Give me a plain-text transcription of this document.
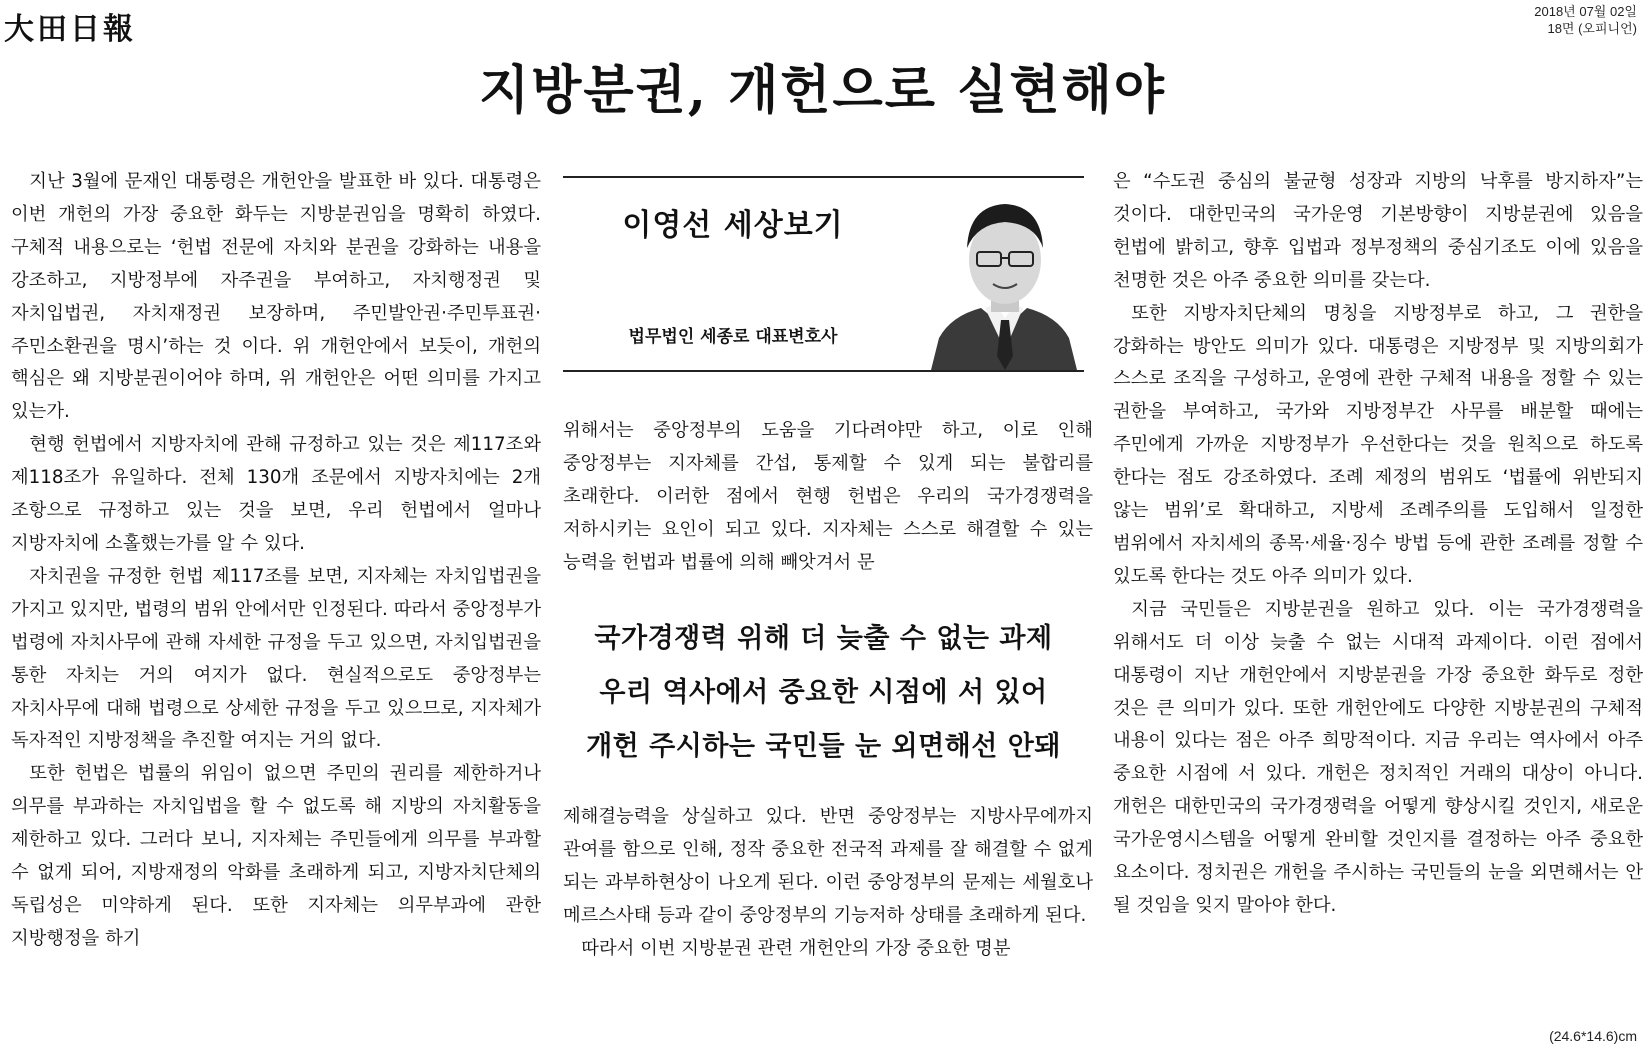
大田日報
2018년 07월 02일
18면 (오피니언)
지방분권, 개헌으로 실현해야

지난 3월에 문재인 대통령은 개헌안을 발표한 바 있다. 대통령은 이번 개헌의 가장 중요한 화두는 지방분권임을 명확히 하였다. 구체적 내용으로는 ‘헌법 전문에 자치와 분권을 강화하는 내용을 강조하고, 지방정부에 자주권을 부여하고, 자치행정권 및 자치입법권, 자치재정권 보장하며, 주민발안권·주민투표권·주민소환권을 명시’하는 것 이다. 위 개헌안에서 보듯이, 개헌의 핵심은 왜 지방분권이어야 하며, 위 개헌안은 어떤 의미를 가지고 있는가.

현행 헌법에서 지방자치에 관해 규정하고 있는 것은 제117조와 제118조가 유일하다. 전체 130개 조문에서 지방자치에는 2개 조항으로 규정하고 있는 것을 보면, 우리 헌법에서 얼마나 지방자치에 소홀했는가를 알 수 있다.

자치권을 규정한 헌법 제117조를 보면, 지자체는 자치입법권을 가지고 있지만, 법령의 범위 안에서만 인정된다. 따라서 중앙정부가 법령에 자치사무에 관해 자세한 규정을 두고 있으면, 자치입법권을 통한 자치는 거의 여지가 없다. 현실적으로도 중앙정부는 자치사무에 대해 법령으로 상세한 규정을 두고 있으므로, 지자체가 독자적인 지방정책을 추진할 여지는 거의 없다.

또한 헌법은 법률의 위임이 없으면 주민의 권리를 제한하거나 의무를 부과하는 자치입법을 할 수 없도록 해 지방의 자치활동을 제한하고 있다. 그러다 보니, 지자체는 주민들에게 의무를 부과할 수 없게 되어, 지방재정의 악화를 초래하게 되고, 지방자치단체의 독립성은 미약하게 된다. 또한 지자체는 의무부과에 관한 지방행정을 하기

이영선 세상보기
법무법인 세종로 대표변호사

위해서는 중앙정부의 도움을 기다려야만 하고, 이로 인해 중앙정부는 지자체를 간섭, 통제할 수 있게 되는 불합리를 초래한다. 이러한 점에서 현행 헌법은 우리의 국가경쟁력을 저하시키는 요인이 되고 있다. 지자체는 스스로 해결할 수 있는 능력을 헌법과 법률에 의해 빼앗겨서 문

국가경쟁력 위해 더 늦출 수 없는 과제
우리 역사에서 중요한 시점에 서 있어
개헌 주시하는 국민들 눈 외면해선 안돼

제해결능력을 상실하고 있다. 반면 중앙정부는 지방사무에까지 관여를 함으로 인해, 정작 중요한 전국적 과제를 잘 해결할 수 없게 되는 과부하현상이 나오게 된다. 이런 중앙정부의 문제는 세월호나 메르스사태 등과 같이 중앙정부의 기능저하 상태를 초래하게 된다.

따라서 이번 지방분권 관련 개헌안의 가장 중요한 명분

은 “수도권 중심의 불균형 성장과 지방의 낙후를 방지하자”는 것이다. 대한민국의 국가운영 기본방향이 지방분권에 있음을 헌법에 밝히고, 향후 입법과 정부정책의 중심기조도 이에 있음을 천명한 것은 아주 중요한 의미를 갖는다.

또한 지방자치단체의 명칭을 지방정부로 하고, 그 권한을 강화하는 방안도 의미가 있다. 대통령은 지방정부 및 지방의회가 스스로 조직을 구성하고, 운영에 관한 구체적 내용을 정할 수 있는 권한을 부여하고, 국가와 지방정부간 사무를 배분할 때에는 주민에게 가까운 지방정부가 우선한다는 것을 원칙으로 하도록 한다는 점도 강조하였다. 조례 제정의 범위도 ‘법률에 위반되지 않는 범위’로 확대하고, 지방세 조례주의를 도입해서 일정한 범위에서 자치세의 종목·세율·징수 방법 등에 관한 조례를 정할 수 있도록 한다는 것도 아주 의미가 있다.

지금 국민들은 지방분권을 원하고 있다. 이는 국가경쟁력을 위해서도 더 이상 늦출 수 없는 시대적 과제이다. 이런 점에서 대통령이 지난 개헌안에서 지방분권을 가장 중요한 화두로 정한 것은 큰 의미가 있다. 또한 개헌안에도 다양한 지방분권의 구체적 내용이 있다는 점은 아주 희망적이다. 지금 우리는 역사에서 아주 중요한 시점에 서 있다. 개헌은 정치적인 거래의 대상이 아니다. 개헌은 대한민국의 국가경쟁력을 어떻게 향상시킬 것인지, 새로운 국가운영시스템을 어떻게 완비할 것인지를 결정하는 아주 중요한 요소이다. 정치권은 개헌을 주시하는 국민들의 눈을 외면해서는 안 될 것임을 잊지 말아야 한다.

(24.6*14.6)cm
